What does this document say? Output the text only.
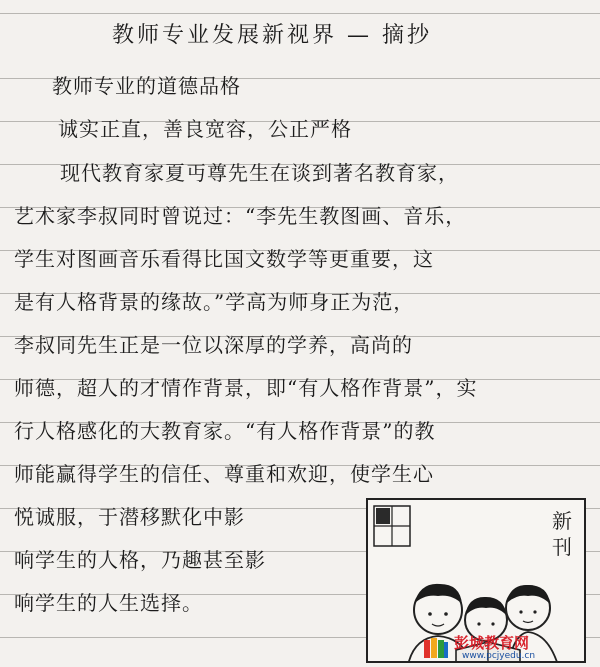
教师专业发展新视界 — 摘抄
教师专业的道德品格
诚实正直，善良宽容，公正严格
现代教育家夏丏尊先生在谈到著名教育家，
艺术家李叔同时曾说过：“李先生教图画、音乐，
学生对图画音乐看得比国文数学等更重要，这
是有人格背景的缘故。”学高为师身正为范，
李叔同先生正是一位以深厚的学养，高尚的
师德，超人的才情作背景，即“有人格作背景”，实
行人格感化的大教育家。“有人格作背景”的教
师能赢得学生的信任、尊重和欢迎，使学生心
悦诚服，于潜移默化中影
响学生的人格，乃趣甚至影
响学生的人生选择。
新
刊
彭城教育网
www.pcjyedu.cn
